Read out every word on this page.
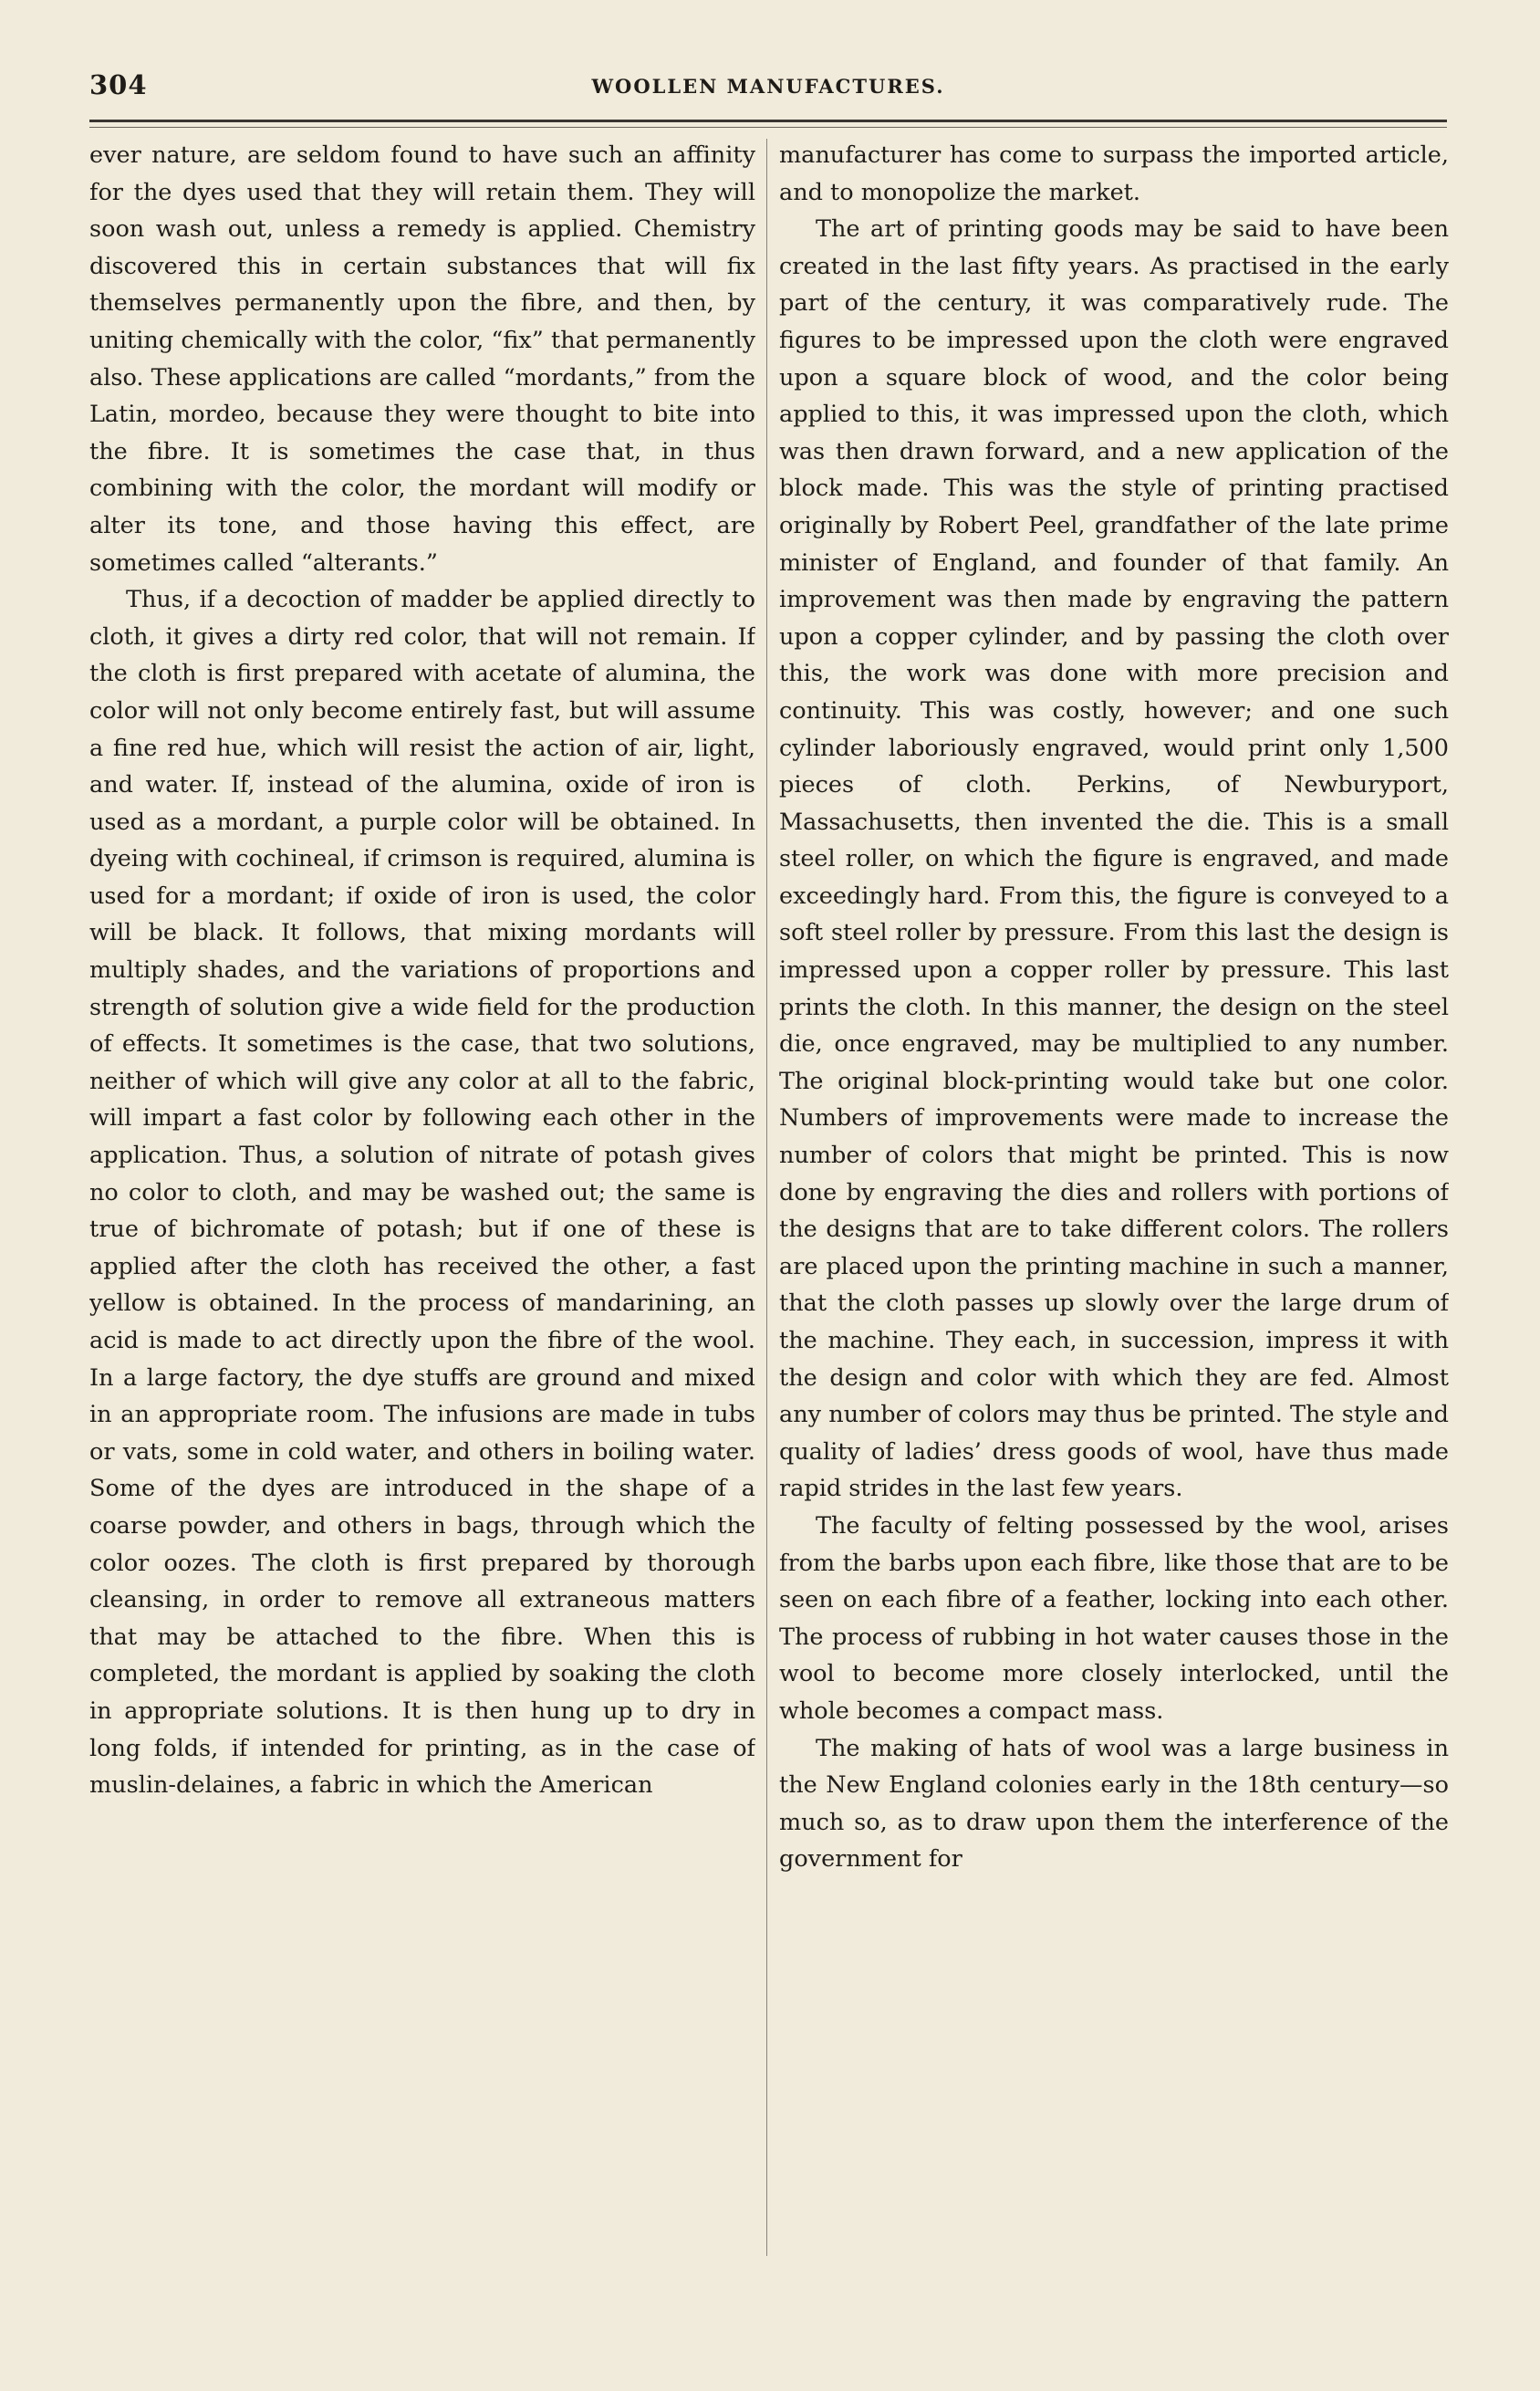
304	WOOLLEN MANUFACTURES.

ever nature, are seldom found to have such an affinity for the dyes used that they will retain them. They will soon wash out, unless a remedy is applied. Chemistry discovered this in certain substances that will fix themselves permanently upon the fibre, and then, by uniting chemically with the color, “fix” that permanently also. These applications are called “mordants,” from the Latin, mordeo, because they were thought to bite into the fibre. It is sometimes the case that, in thus combining with the color, the mordant will modify or alter its tone, and those having this effect, are sometimes called “alterants.”

Thus, if a decoction of madder be applied directly to cloth, it gives a dirty red color, that will not remain. If the cloth is first prepared with acetate of alumina, the color will not only become entirely fast, but will assume a fine red hue, which will resist the action of air, light, and water. If, instead of the alumina, oxide of iron is used as a mordant, a purple color will be obtained. In dyeing with cochineal, if crimson is required, alumina is used for a mordant; if oxide of iron is used, the color will be black. It follows, that mixing mordants will multiply shades, and the variations of proportions and strength of solution give a wide field for the production of effects. It sometimes is the case, that two solutions, neither of which will give any color at all to the fabric, will impart a fast color by following each other in the application. Thus, a solution of nitrate of potash gives no color to cloth, and may be washed out; the same is true of bichromate of potash; but if one of these is applied after the cloth has received the other, a fast yellow is obtained. In the process of mandarining, an acid is made to act directly upon the fibre of the wool. In a large factory, the dye stuffs are ground and mixed in an appropriate room. The infusions are made in tubs or vats, some in cold water, and others in boiling water. Some of the dyes are introduced in the shape of a coarse powder, and others in bags, through which the color oozes. The cloth is first prepared by thorough cleansing, in order to remove all extraneous matters that may be attached to the fibre. When this is completed, the mordant is applied by soaking the cloth in appropriate solutions. It is then hung up to dry in long folds, if intended for printing, as in the case of muslin-delaines, a fabric in which the American

manufacturer has come to surpass the imported article, and to monopolize the market.

The art of printing goods may be said to have been created in the last fifty years. As practised in the early part of the century, it was comparatively rude. The figures to be impressed upon the cloth were engraved upon a square block of wood, and the color being applied to this, it was impressed upon the cloth, which was then drawn forward, and a new application of the block made. This was the style of printing practised originally by Robert Peel, grandfather of the late prime minister of England, and founder of that family. An improvement was then made by engraving the pattern upon a copper cylinder, and by passing the cloth over this, the work was done with more precision and continuity. This was costly, however; and one such cylinder laboriously engraved, would print only 1,500 pieces of cloth. Perkins, of Newburyport, Massachusetts, then invented the die. This is a small steel roller, on which the figure is engraved, and made exceedingly hard. From this, the figure is conveyed to a soft steel roller by pressure. From this last the design is impressed upon a copper roller by pressure. This last prints the cloth. In this manner, the design on the steel die, once engraved, may be multiplied to any number. The original block-printing would take but one color. Numbers of improvements were made to increase the number of colors that might be printed. This is now done by engraving the dies and rollers with portions of the designs that are to take different colors. The rollers are placed upon the printing machine in such a manner, that the cloth passes up slowly over the large drum of the machine. They each, in succession, impress it with the design and color with which they are fed. Almost any number of colors may thus be printed. The style and quality of ladies’ dress goods of wool, have thus made rapid strides in the last few years.

The faculty of felting possessed by the wool, arises from the barbs upon each fibre, like those that are to be seen on each fibre of a feather, locking into each other. The process of rubbing in hot water causes those in the wool to become more closely interlocked, until the whole becomes a compact mass.

The making of hats of wool was a large business in the New England colonies early in the 18th century—so much so, as to draw upon them the interference of the government for
